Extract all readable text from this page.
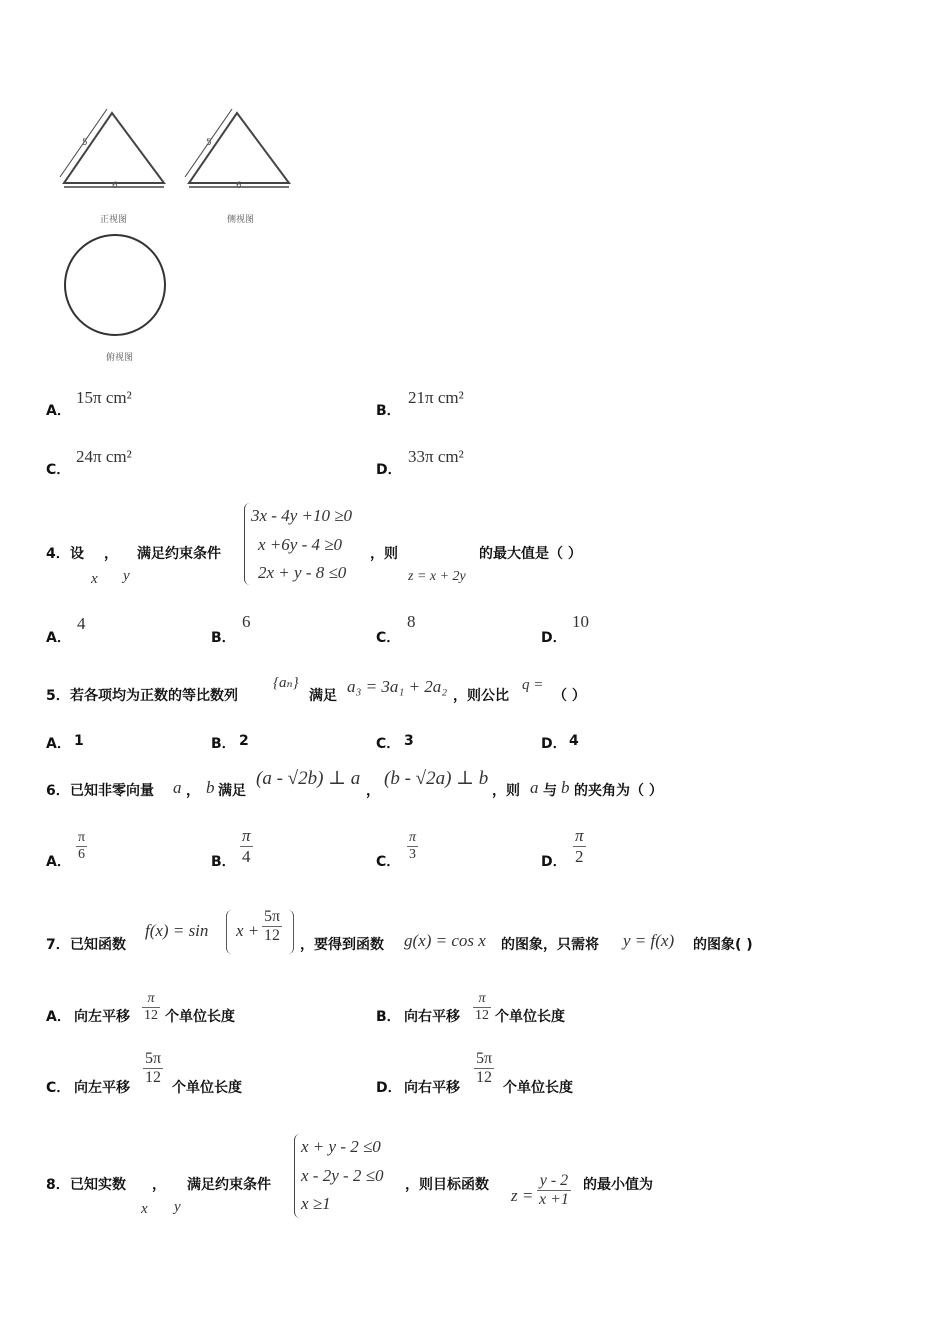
5
6
5
6
正视图	侧视图
俯视图
A．
15π cm²
B．
21π cm²
C．
24π cm²
D．
33π cm²
4． 设 ， 满足约束条件
x y
3x - 4y +10 ≥0
x +6y - 4 ≥0
2x + y - 8 ≤0
，则
z = x + 2y
的最大值是（ ）
A．
4
B．
6
C．
8
D．
10
5． 若各项均为正数的等比数列
{aₙ}
满足 a₃ = 3a₁ + 2a₂ ，则公比
q =
（ ）
A． 1	B． 2	C． 3	D． 4
6． 已知非零向量 a ， b 满足
(a - √2b) ⊥ a
，
(b - √2a) ⊥ b
，则 a 与 b 的夹角为（ ）
A． $\frac{\pi}{6}$	B． $\frac{\pi}{4}$	C． $\frac{\pi}{3}$	D． $\frac{\pi}{2}$
7． 已知函数
$f(x) = \sin x + \frac{5\pi}{12}$ ，要得到函数 g(x) = cos x 的图象，只需将 y = f(x) 的图象( )
A． 向左平移 $\frac{\pi}{12}$ 个单位长度	B． 向右平移 $\frac{\pi}{12}$ 个单位长度
C． 向左平移
$\frac{5\pi}{12}$
个单位长度	D． 向右平移
$\frac{5\pi}{12}$
个单位长度
8． 已知实数 ， 满足约束条件
x y
x + y - 2 ≤0
x - 2y - 2 ≤0
x ≥1
，则目标函数
$z = \frac{y - 2}{x +1}$ 的最小值为
